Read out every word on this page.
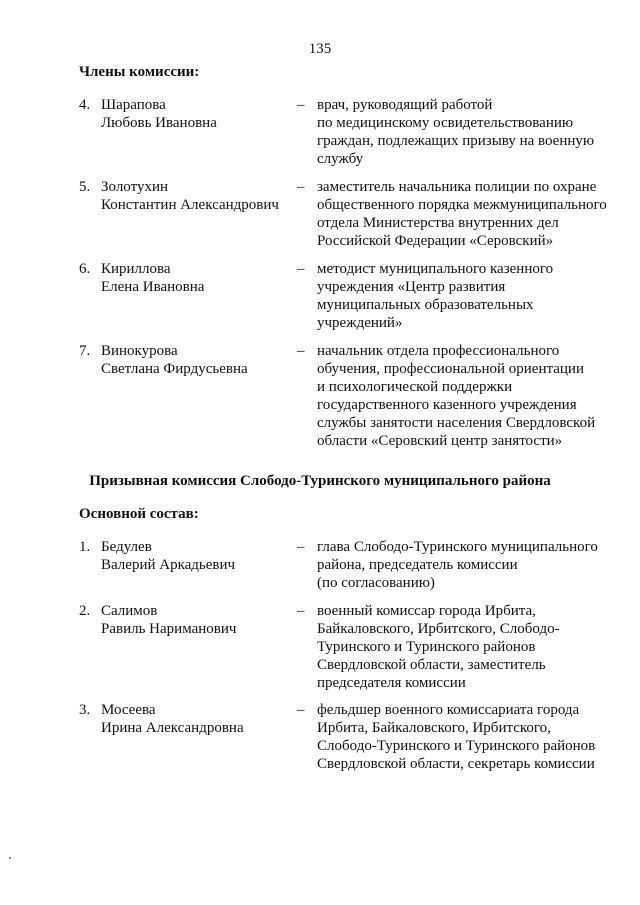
135
Члены комиссии:
4. Шарапова
Любовь Ивановна
– врач, руководящий работой
по медицинскому освидетельствованию
граждан, подлежащих призыву на военную
службу
5. Золотухин
Константин Александрович
– заместитель начальника полиции по охране
общественного порядка межмуниципального
отдела Министерства внутренних дел
Российской Федерации «Серовский»
6. Кириллова
Елена Ивановна
– методист муниципального казенного
учреждения «Центр развития
муниципальных образовательных
учреждений»
7. Винокурова
Светлана Фирдусьевна
– начальник отдела профессионального
обучения, профессиональной ориентации
и психологической поддержки
государственного казенного учреждения
службы занятости населения Свердловской
области «Серовский центр занятости»
Призывная комиссия Слободо-Туринского муниципального района
Основной состав:
1. Бедулев
Валерий Аркадьевич
– глава Слободо-Туринского муниципального
района, председатель комиссии
(по согласованию)
2. Салимов
Равиль Нариманович
– военный комиссар города Ирбита,
Байкаловского, Ирбитского, Слободо-
Туринского и Туринского районов
Свердловской области, заместитель
председателя комиссии
3. Мосеева
Ирина Александровна
– фельдшер военного комиссариата города
Ирбита, Байкаловского, Ирбитского,
Слободо-Туринского и Туринского районов
Свердловской области, секретарь комиссии
